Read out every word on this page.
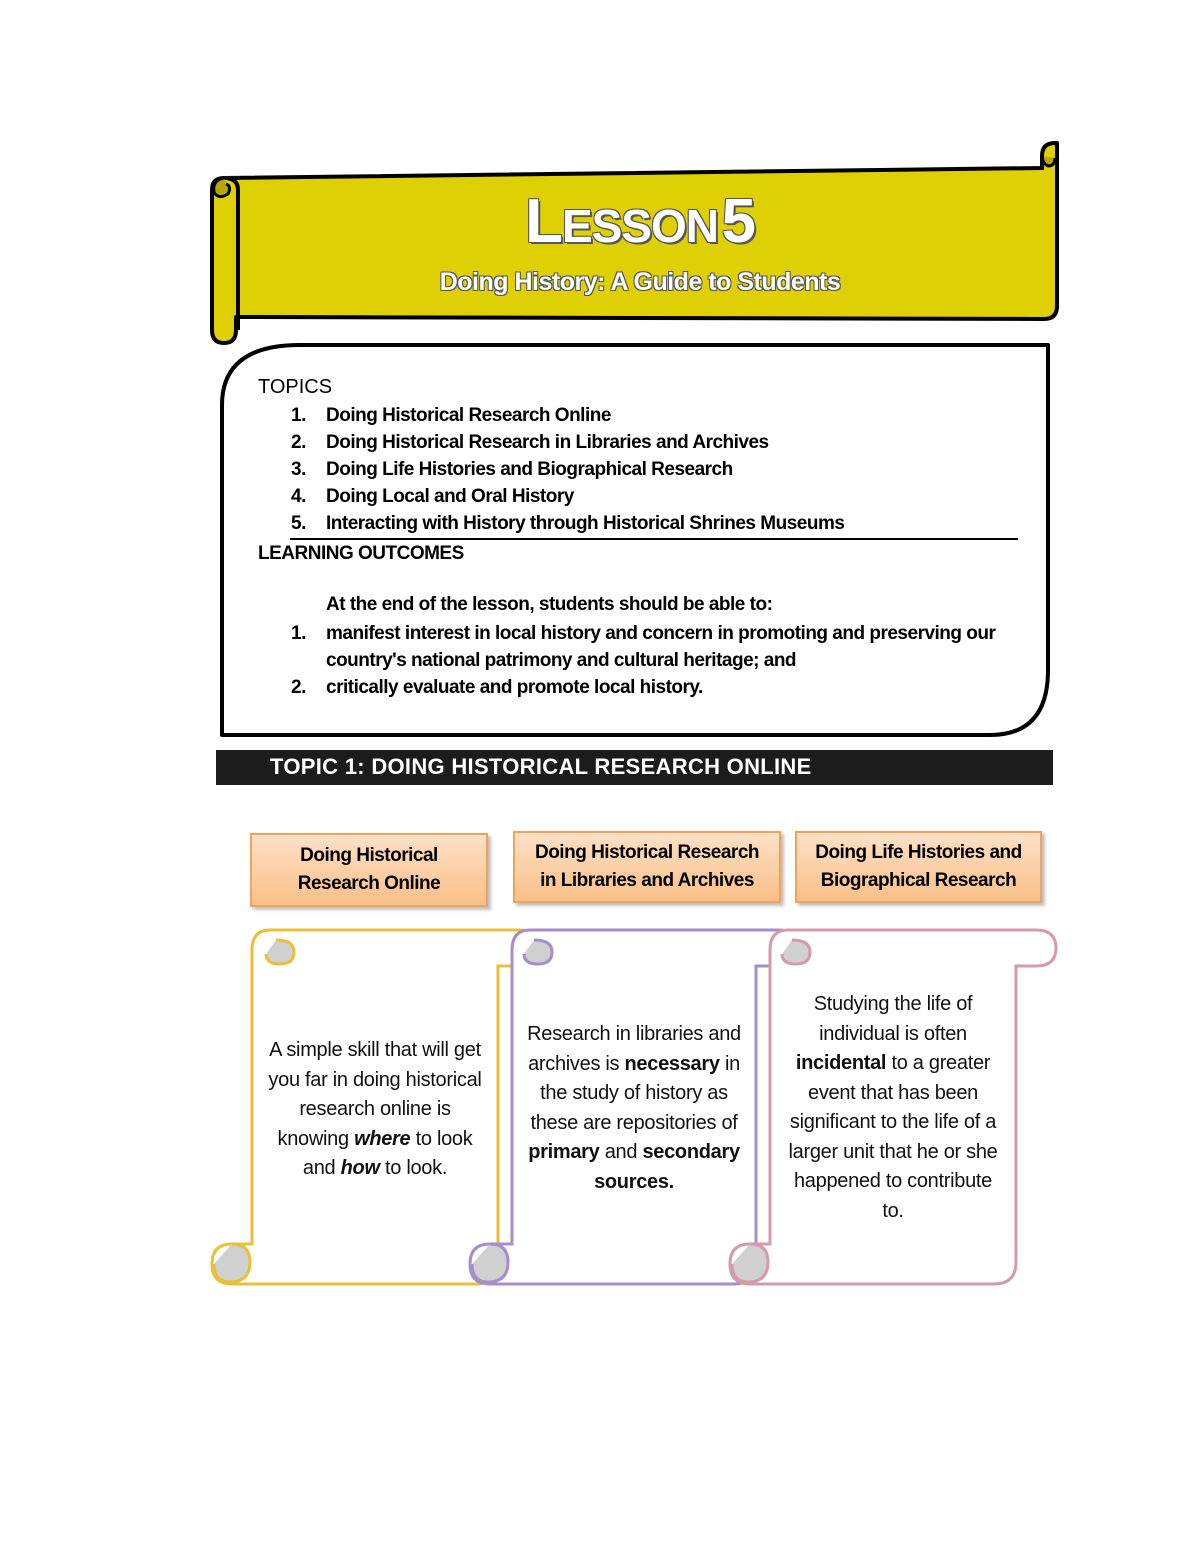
LESSON 5
Doing History: A Guide to Students
TOPICS
1. Doing Historical Research Online
2. Doing Historical Research in Libraries and Archives
3. Doing Life Histories and Biographical Research
4. Doing Local and Oral History
5. Interacting with History through Historical Shrines Museums
LEARNING OUTCOMES
At the end of the lesson, students should be able to:
1. manifest interest in local history and concern in promoting and preserving our
country's national patrimony and cultural heritage; and
2. critically evaluate and promote local history.
TOPIC 1: DOING HISTORICAL RESEARCH ONLINE
Doing Historical
Research Online
Doing Historical Research
in Libraries and Archives
Doing Life Histories and
Biographical Research
A simple skill that will get
you far in doing historical
research online is
knowing where to look
and how to look.
Research in libraries and
archives is necessary in
the study of history as
these are repositories of
primary and secondary
sources.
Studying the life of
individual is often
incidental to a greater
event that has been
significant to the life of a
larger unit that he or she
happened to contribute
to.
